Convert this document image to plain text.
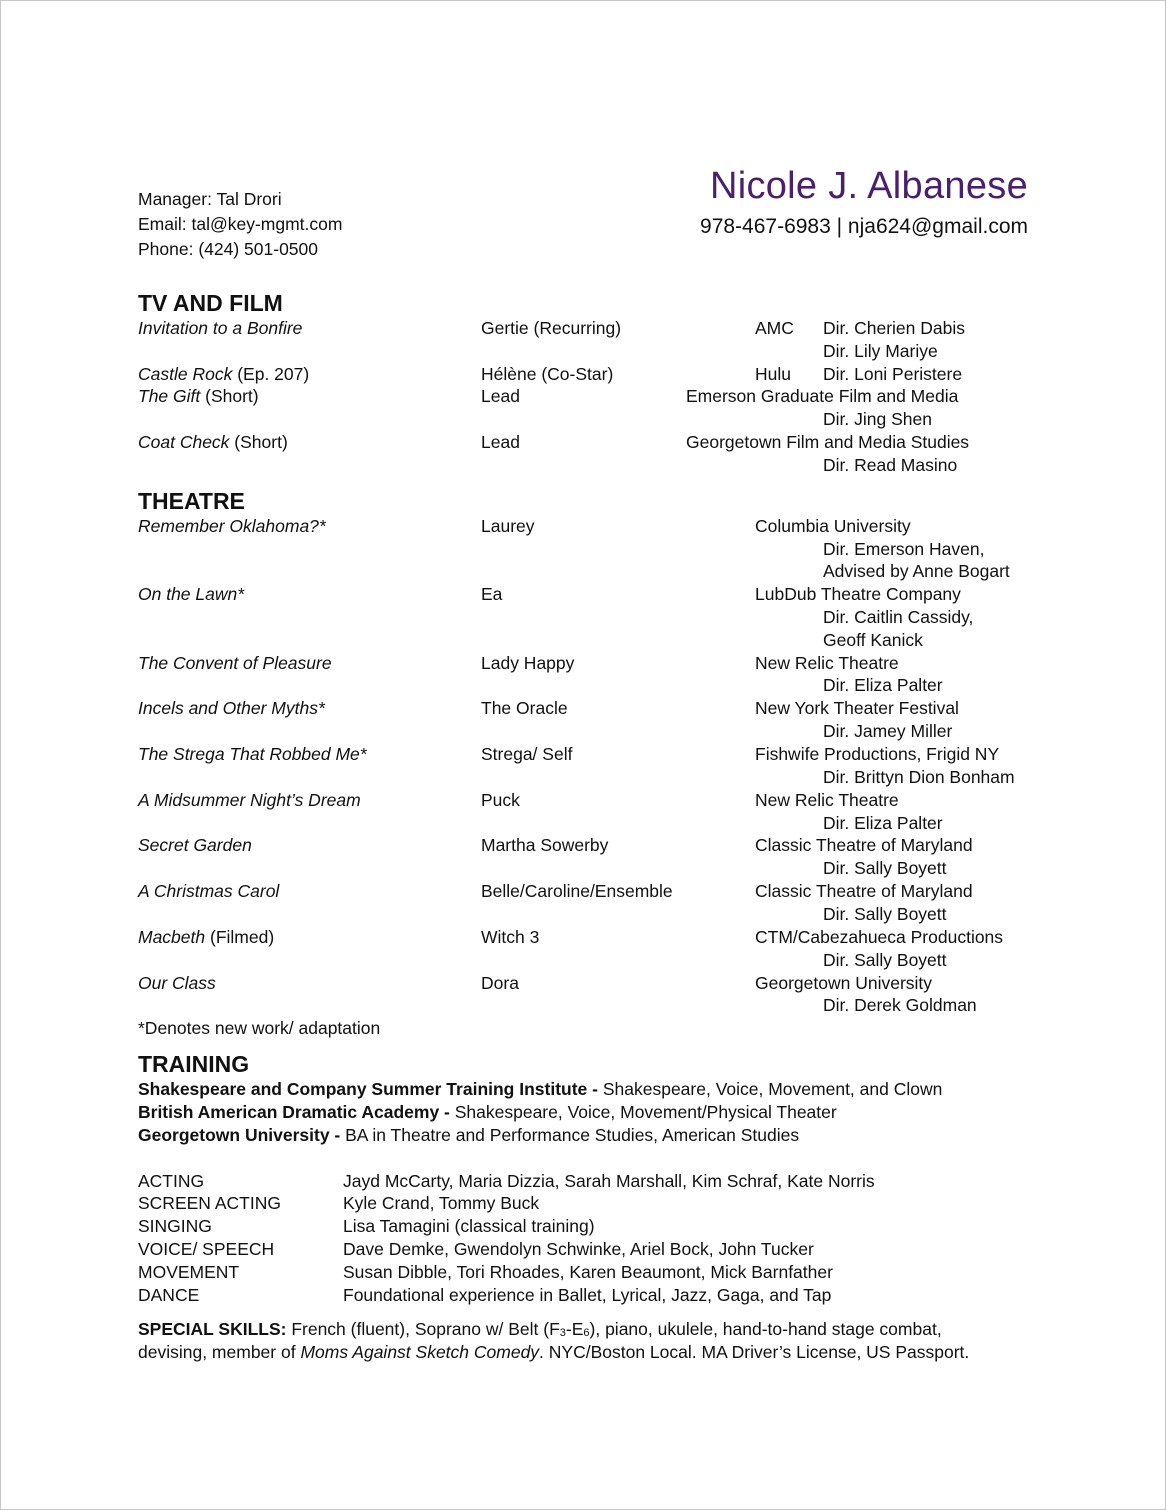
Nicole J. Albanese
978-467-6983 | nja624@gmail.com
Manager: Tal Drori
Email: tal@key-mgmt.com
Phone: (424) 501-0500
TV AND FILM
Invitation to a Bonfire	Gertie (Recurring)	AMC Dir. Cherien Dabis
Dir. Lily Mariye
Castle Rock (Ep. 207)	Hélène (Co-Star)	Hulu Dir. Loni Peristere
The Gift (Short)	Lead	Emerson Graduate Film and Media
Dir. Jing Shen
Coat Check (Short)	Lead	Georgetown Film and Media Studies
Dir. Read Masino
THEATRE
Remember Oklahoma?*	Laurey	Columbia University
Dir. Emerson Haven,
Advised by Anne Bogart
On the Lawn*	Ea	LubDub Theatre Company
Dir. Caitlin Cassidy,
Geoff Kanick
The Convent of Pleasure	Lady Happy	New Relic Theatre
Dir. Eliza Palter
Incels and Other Myths*	The Oracle	New York Theater Festival
Dir. Jamey Miller
The Strega That Robbed Me*	Strega/ Self	Fishwife Productions, Frigid NY
Dir. Brittyn Dion Bonham
A Midsummer Night’s Dream	Puck	New Relic Theatre
Dir. Eliza Palter
Secret Garden	Martha Sowerby	Classic Theatre of Maryland
Dir. Sally Boyett
A Christmas Carol	Belle/Caroline/Ensemble	Classic Theatre of Maryland
Dir. Sally Boyett
Macbeth (Filmed)	Witch 3	CTM/Cabezahueca Productions
Dir. Sally Boyett
Our Class	Dora	Georgetown University
Dir. Derek Goldman
*Denotes new work/ adaptation
TRAINING
Shakespeare and Company Summer Training Institute - Shakespeare, Voice, Movement, and Clown
British American Dramatic Academy - Shakespeare, Voice, Movement/Physical Theater
Georgetown University - BA in Theatre and Performance Studies, American Studies
ACTING	Jayd McCarty, Maria Dizzia, Sarah Marshall, Kim Schraf, Kate Norris
SCREEN ACTING	Kyle Crand, Tommy Buck
SINGING	Lisa Tamagini (classical training)
VOICE/ SPEECH	Dave Demke, Gwendolyn Schwinke, Ariel Bock, John Tucker
MOVEMENT	Susan Dibble, Tori Rhoades, Karen Beaumont, Mick Barnfather
DANCE	Foundational experience in Ballet, Lyrical, Jazz, Gaga, and Tap
SPECIAL SKILLS: French (fluent), Soprano w/ Belt $(F_3-E_6)$, piano, ukulele, hand-to-hand stage combat,
devising, member of Moms Against Sketch Comedy. NYC/Boston Local. MA Driver’s License, US Passport.
